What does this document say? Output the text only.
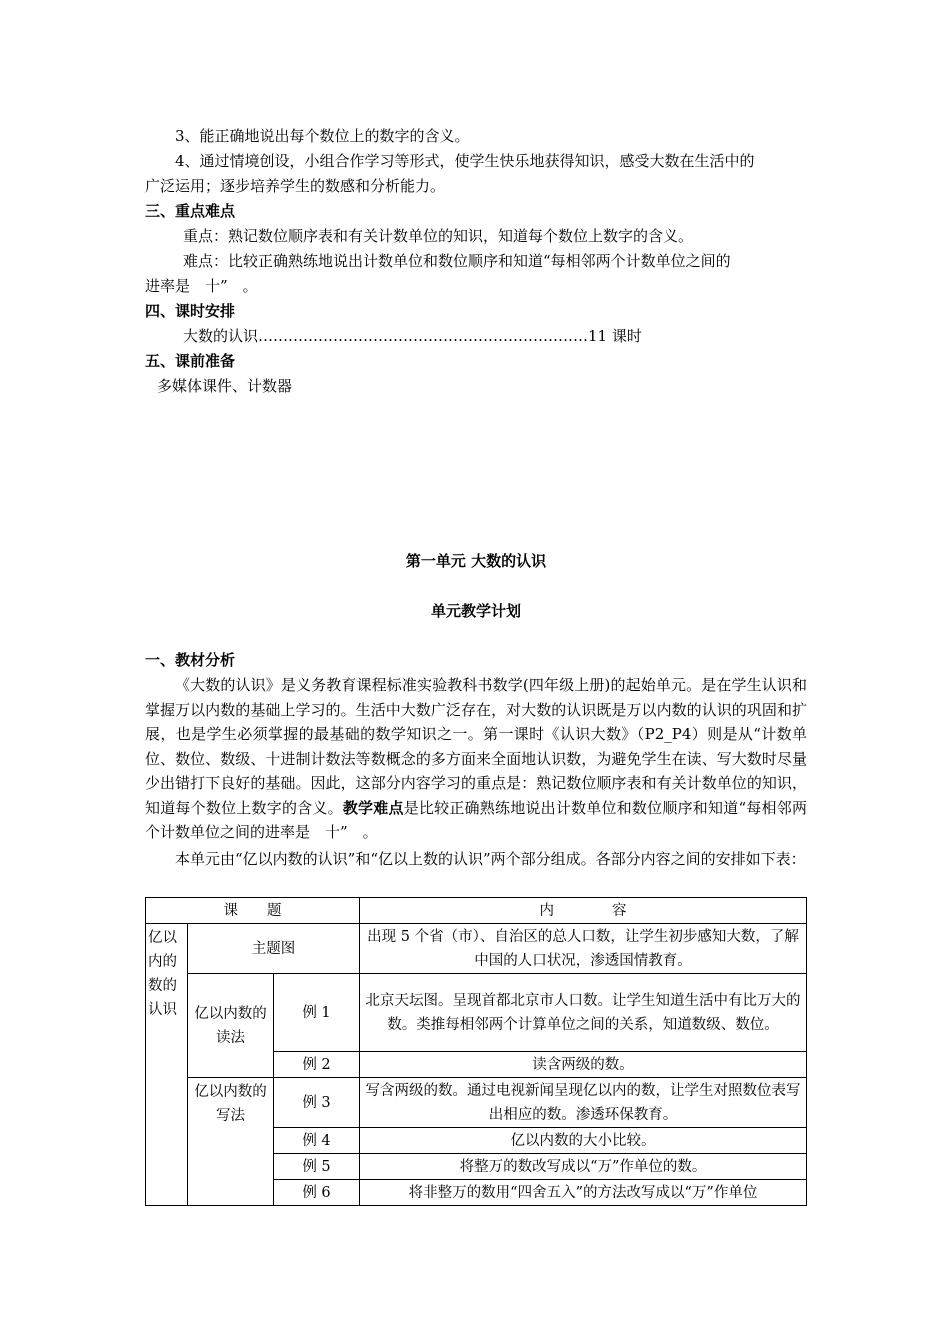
3、能正确地说出每个数位上的数字的含义。
4、通过情境创设，小组合作学习等形式，使学生快乐地获得知识，感受大数在生活中的
广泛运用；逐步培养学生的数感和分析能力。
三、重点难点
重点：熟记数位顺序表和有关计数单位的知识，知道每个数位上数字的含义。
难点：比较正确熟练地说出计数单位和数位顺序和知道“每相邻两个计数单位之间的
进率是　十”　。
四、课时安排
大数的认识…………………………………………………………11 课时
五、课前准备
多媒体课件、计数器
第一单元 大数的认识
单元教学计划
一、教材分析
《大数的认识》是义务教育课程标准实验教科书数学(四年级上册)的起始单元。是在学生认识和掌握万以内数的基础上学习的。生活中大数广泛存在，对大数的认识既是万以内数的认识的巩固和扩展，也是学生必须掌握的最基础的数学知识之一。第一课时《认识大数》（P2_P4）则是从“计数单位、数位、数级、十进制计数法等数概念的多方面来全面地认识数，为避免学生在读、写大数时尽量少出错打下良好的基础。因此，这部分内容学习的重点是：熟记数位顺序表和有关计数单位的知识，知道每个数位上数字的含义。教学难点是比较正确熟练地说出计数单位和数位顺序和知道“每相邻两个计数单位之间的进率是　十”　。
本单元由“亿以内数的认识”和“亿以上数的认识”两个部分组成。各部分内容之间的安排如下表：
课　　题			内　　　　容
亿以内的数的认识	主题图		出现 5 个省（市）、自治区的总人口数，让学生初步感知大数，了解中国的人口状况，渗透国情教育。
	亿以内数的读法	例 1	北京天坛图。呈现首都北京市人口数。让学生知道生活中有比万大的数。类推每相邻两个计算单位之间的关系，知道数级、数位。
		例 2	读含两级的数。
	亿以内数的写法	例 3	写含两级的数。通过电视新闻呈现亿以内的数，让学生对照数位表写出相应的数。渗透环保教育。
		例 4	亿以内数的大小比较。
		例 5	将整万的数改写成以“万”作单位的数。
		例 6	将非整万的数用“四舍五入”的方法改写成以“万”作单位
